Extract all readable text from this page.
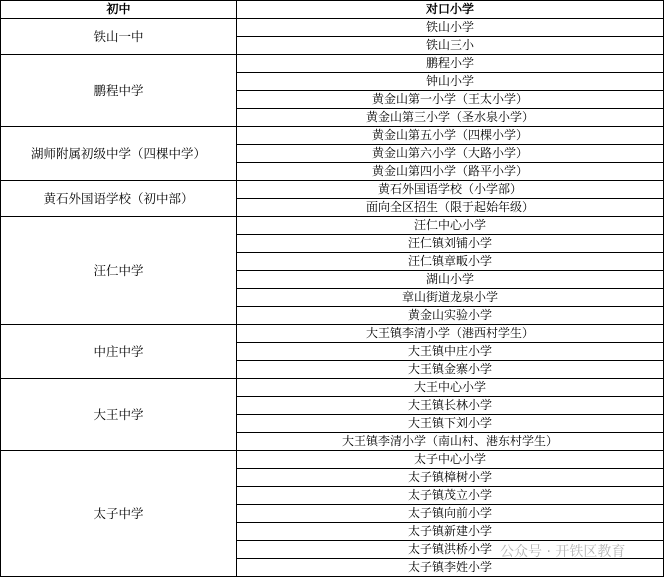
初中	对口小学
铁山一中	铁山小学
	铁山三小
鹏程中学	鹏程小学
	钟山小学
	黄金山第一小学（王太小学）
	黄金山第三小学（圣水泉小学）
湖师附属初级中学（四棵中学）	黄金山第五小学（四棵小学）
	黄金山第六小学（大路小学）
	黄金山第四小学（路平小学）
黄石外国语学校（初中部）	黄石外国语学校（小学部）
	面向全区招生（限于起始年级）
汪仁中学	汪仁中心小学
	汪仁镇刘铺小学
	汪仁镇章畈小学
	湖山小学
	章山街道龙泉小学
	黄金山实验小学
中庄中学	大王镇李清小学（港西村学生）
	大王镇中庄小学
	大王镇金寨小学
大王中学	大王中心小学
	大王镇长林小学
	大王镇下刘小学
	大王镇李清小学（南山村、港东村学生）
太子中学	太子中心小学
	太子镇樟树小学
	太子镇茂立小学
	太子镇向前小学
	太子镇新建小学
	太子镇洪桥小学
	太子镇李姓小学
公众号 · 开铁区教育
